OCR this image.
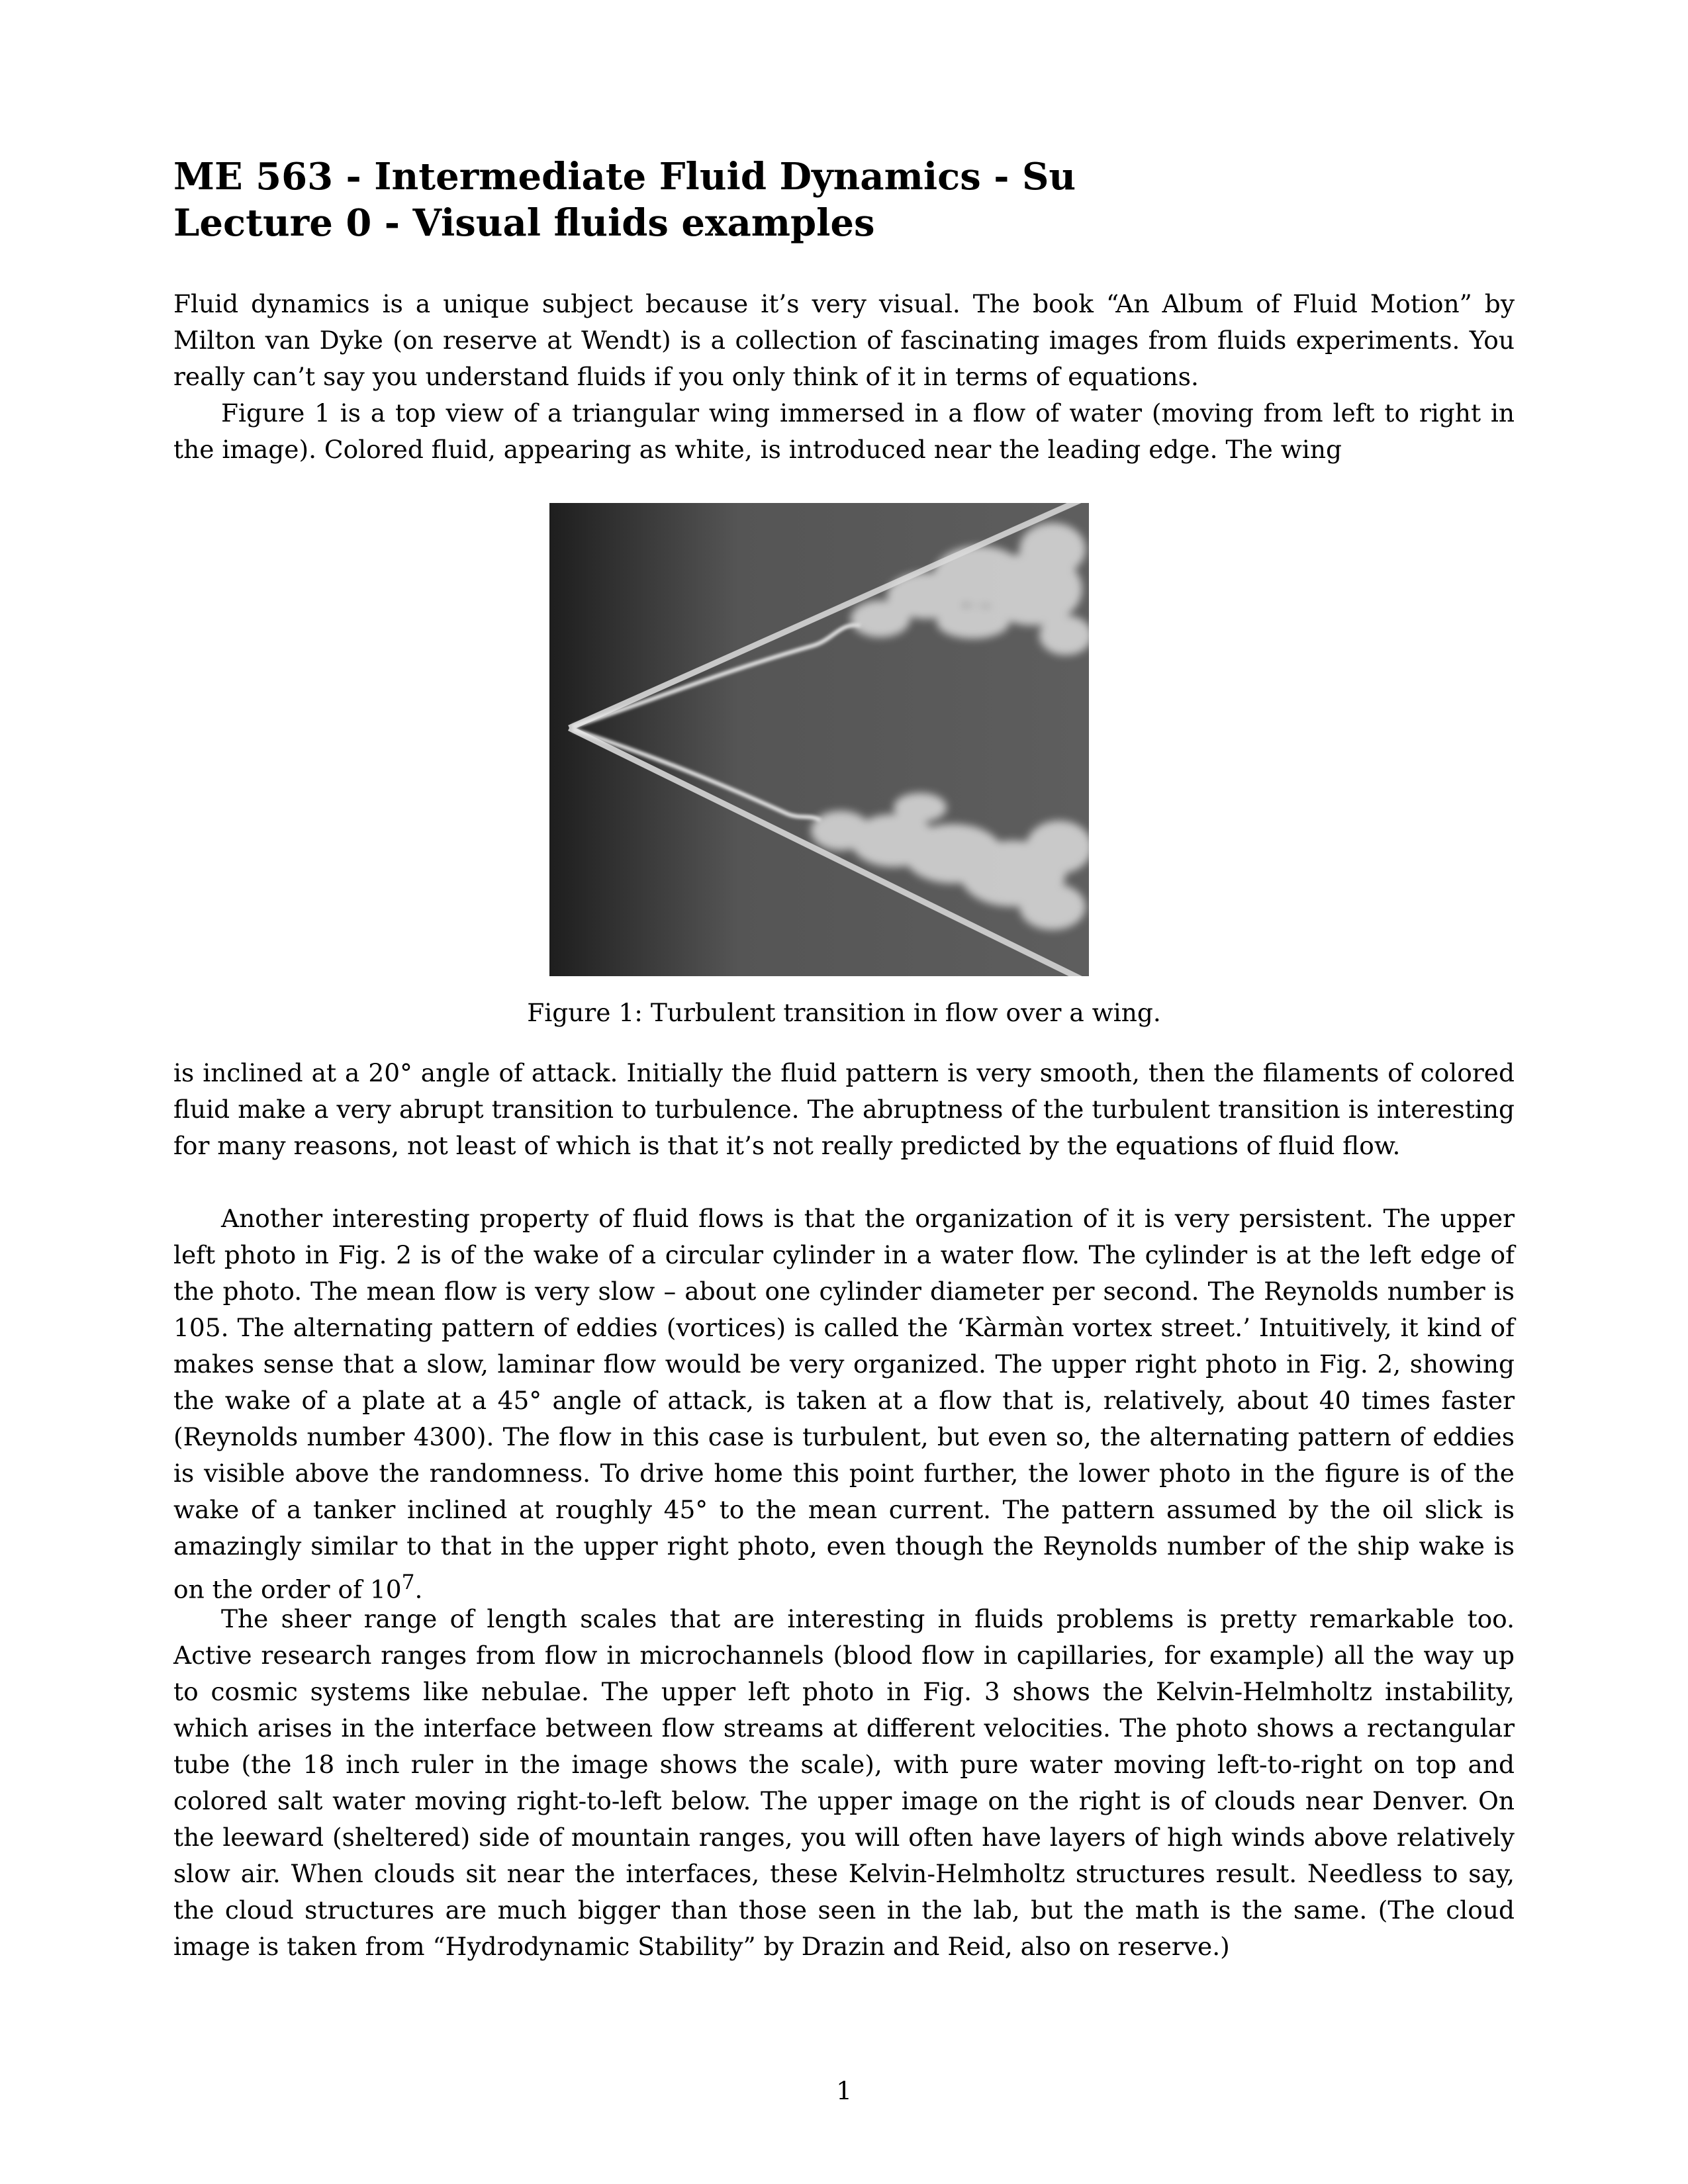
ME 563 - Intermediate Fluid Dynamics - Su
Lecture 0 - Visual fluids examples

Fluid dynamics is a unique subject because it’s very visual. The book “An Album of Fluid Motion” by Milton van Dyke (on reserve at Wendt) is a collection of fascinating images from fluids experiments. You really can’t say you understand fluids if you only think of it in terms of equations.

Figure 1 is a top view of a triangular wing immersed in a flow of water (moving from left to right in the image). Colored fluid, appearing as white, is introduced near the leading edge. The wing

Figure 1: Turbulent transition in flow over a wing.

is inclined at a 20° angle of attack. Initially the fluid pattern is very smooth, then the filaments of colored fluid make a very abrupt transition to turbulence. The abruptness of the turbulent transition is interesting for many reasons, not least of which is that it’s not really predicted by the equations of fluid flow.

Another interesting property of fluid flows is that the organization of it is very persistent. The upper left photo in Fig. 2 is of the wake of a circular cylinder in a water flow. The cylinder is at the left edge of the photo. The mean flow is very slow – about one cylinder diameter per second. The Reynolds number is 105. The alternating pattern of eddies (vortices) is called the ‘Kàrmàn vortex street.’ Intuitively, it kind of makes sense that a slow, laminar flow would be very organized. The upper right photo in Fig. 2, showing the wake of a plate at a 45° angle of attack, is taken at a flow that is, relatively, about 40 times faster (Reynolds number 4300). The flow in this case is turbulent, but even so, the alternating pattern of eddies is visible above the randomness. To drive home this point further, the lower photo in the figure is of the wake of a tanker inclined at roughly 45° to the mean current. The pattern assumed by the oil slick is amazingly similar to that in the upper right photo, even though the Reynolds number of the ship wake is on the order of $10^7$.

The sheer range of length scales that are interesting in fluids problems is pretty remarkable too. Active research ranges from flow in microchannels (blood flow in capillaries, for example) all the way up to cosmic systems like nebulae. The upper left photo in Fig. 3 shows the Kelvin-Helmholtz instability, which arises in the interface between flow streams at different velocities. The photo shows a rectangular tube (the 18 inch ruler in the image shows the scale), with pure water moving left-to-right on top and colored salt water moving right-to-left below. The upper image on the right is of clouds near Denver. On the leeward (sheltered) side of mountain ranges, you will often have layers of high winds above relatively slow air. When clouds sit near the interfaces, these Kelvin-Helmholtz structures result. Needless to say, the cloud structures are much bigger than those seen in the lab, but the math is the same. (The cloud image is taken from “Hydrodynamic Stability” by Drazin and Reid, also on reserve.)

1
